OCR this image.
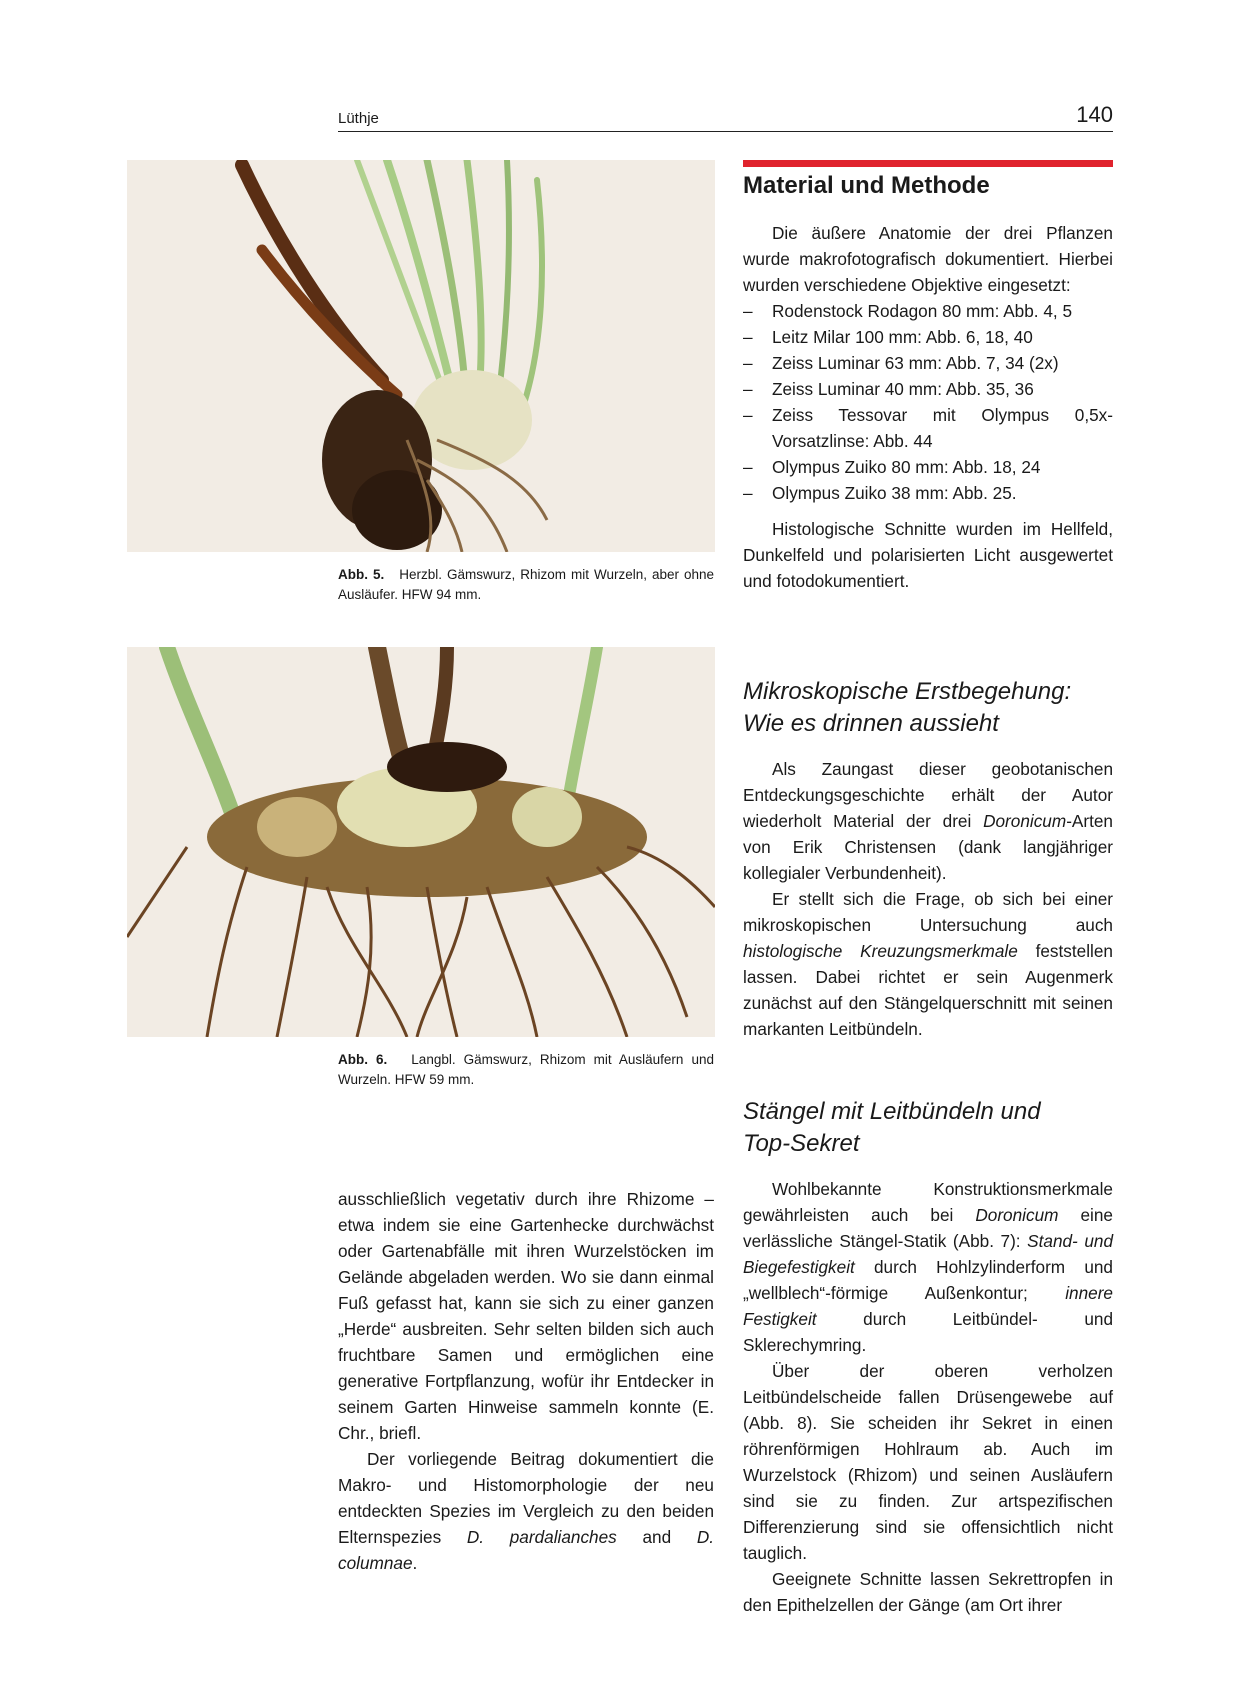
Lüthje	140
Abb. 5. Herzbl. Gämswurz, Rhizom mit Wurzeln, aber ohne Ausläufer. HFW 94 mm.
Abb. 6. Langbl. Gämswurz, Rhizom mit Ausläufern und Wurzeln. HFW 59 mm.

ausschließlich vegetativ durch ihre Rhizome – etwa indem sie eine Gartenhecke durchwächst oder Gartenabfälle mit ihren Wurzelstöcken im Gelände abgeladen werden. Wo sie dann einmal Fuß gefasst hat, kann sie sich zu einer ganzen „Herde“ ausbreiten. Sehr selten bilden sich auch fruchtbare Samen und ermöglichen eine generative Fortpflanzung, wofür ihr Entdecker in seinem Garten Hinweise sammeln konnte (E. Chr., briefl.

Der vorliegende Beitrag dokumentiert die Makro- und Histomorphologie der neu entdeckten Spezies im Vergleich zu den beiden Elternspezies D. pardalianches and D. columnae.

Material und Methode

Die äußere Anatomie der drei Pflanzen wurde makrofotografisch dokumentiert. Hierbei wurden verschiedene Objektive eingesetzt:

– Rodenstock Rodagon 80 mm: Abb. 4, 5
– Leitz Milar 100 mm: Abb. 6, 18, 40
– Zeiss Luminar 63 mm: Abb. 7, 34 (2x)
– Zeiss Luminar 40 mm: Abb. 35, 36
– Zeiss Tessovar mit Olympus 0,5x-Vorsatzlinse: Abb. 44
– Olympus Zuiko 80 mm: Abb. 18, 24
– Olympus Zuiko 38 mm: Abb. 25.

Histologische Schnitte wurden im Hellfeld, Dunkelfeld und polarisierten Licht ausgewertet und fotodokumentiert.

Mikroskopische Erstbegehung:
Wie es drinnen aussieht

Als Zaungast dieser geobotanischen Entdeckungsgeschichte erhält der Autor wiederholt Material der drei Doronicum-Arten von Erik Christensen (dank langjähriger kollegialer Verbundenheit).

Er stellt sich die Frage, ob sich bei einer mikroskopischen Untersuchung auch histologische Kreuzungsmerkmale feststellen lassen. Dabei richtet er sein Augenmerk zunächst auf den Stängelquerschnitt mit seinen markanten Leitbündeln.

Stängel mit Leitbündeln und
Top-Sekret

Wohlbekannte Konstruktionsmerkmale gewährleisten auch bei Doronicum eine verlässliche Stängel-Statik (Abb. 7): Stand- und Biegefestigkeit durch Hohlzylinderform und „wellblech“-förmige Außenkontur; innere Festigkeit durch Leitbündel- und Sklerechymring.

Über der oberen verholzen Leitbündelscheide fallen Drüsengewebe auf (Abb. 8). Sie scheiden ihr Sekret in einen röhrenförmigen Hohlraum ab. Auch im Wurzelstock (Rhizom) und seinen Ausläufern sind sie zu finden. Zur artspezifischen Differenzierung sind sie offensichtlich nicht tauglich.

Geeignete Schnitte lassen Sekrettropfen in den Epithelzellen der Gänge (am Ort ihrer
